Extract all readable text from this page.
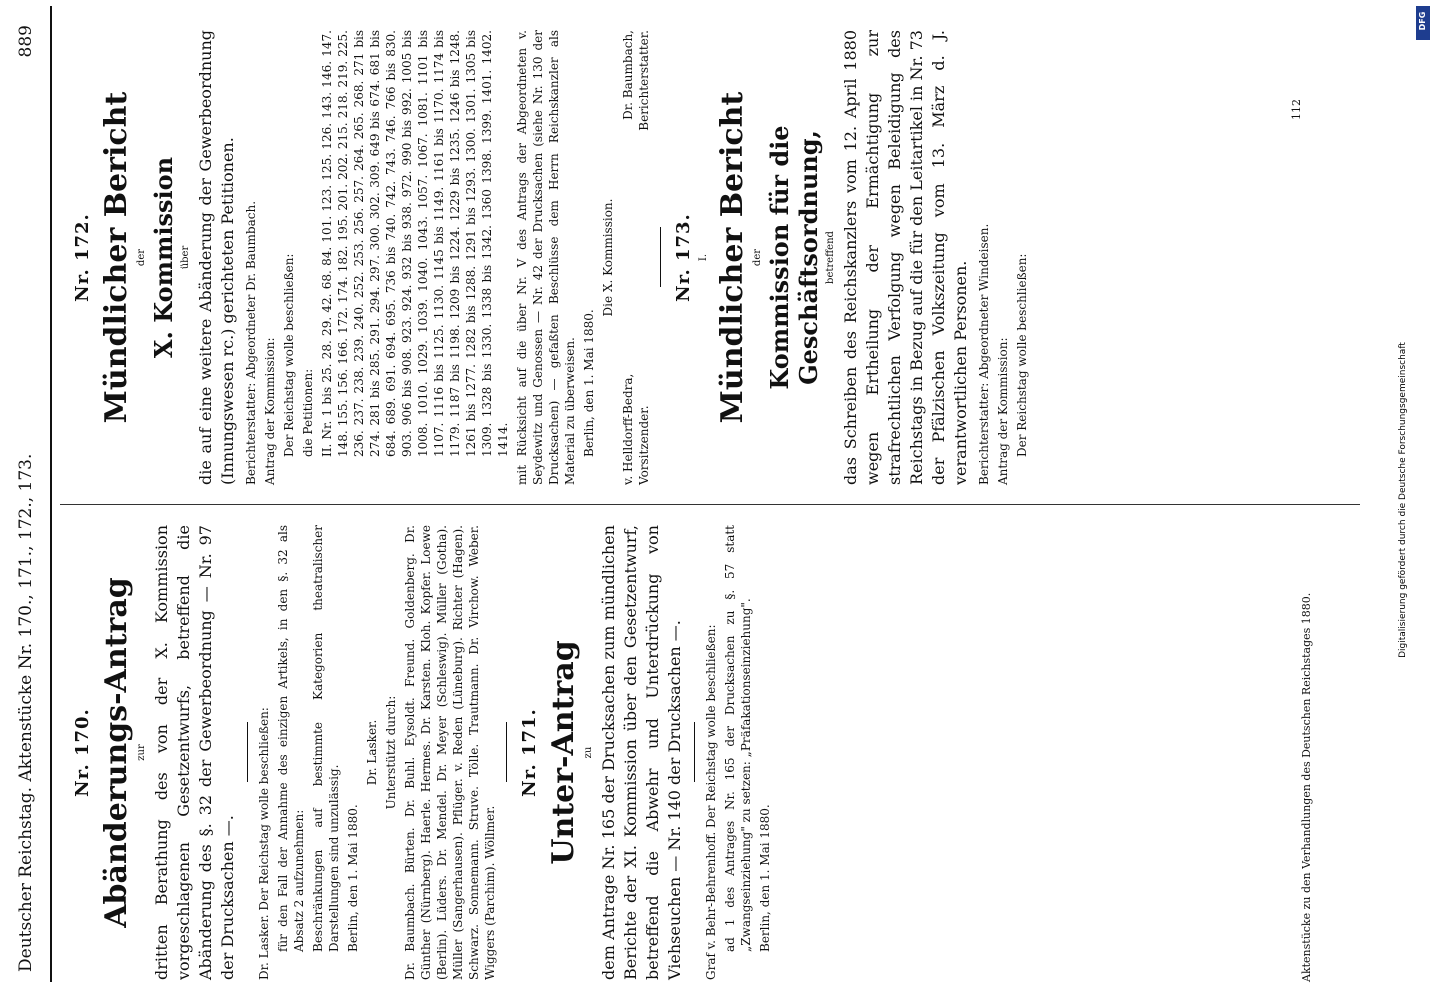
Deutscher Reichstag. Aktenstücke Nr. 170., 171., 172., 173.
889
Nr. 170. Abänderungs-Antrag zur dritten Berathung des von der X. Kommission vorgeschlagenen Gesetzentwurfs, betreffend die Abänderung des §. 32 der Gewerbeordnung — Nr. 97 der Drucksachen —. Dr. Lasker. Der Reichstag wolle beschließen: für den Fall der Annahme des einzigen Artikels, in den §. 32 als Absatz 2 aufzunehmen: Beschränkungen auf bestimmte Kategorien theatralischer Darstellungen sind unzulässig. Berlin, den 1. Mai 1880.

Dr. Lasker. Unterstützt durch: Dr. Baumbach. Bürten. Dr. Buhl. Eysoldt. Freund. Goldenberg. Dr. Günther (Nürnberg). Haerle. Hermes. Dr. Karsten. Kloh. Kopfer. Loewe (Berlin). Lüders. Dr. Mendel. Dr. Meyer (Schleswig). Müller (Gotha). Müller (Sangerhausen). Pflüger. v. Reden (Lüneburg). Richter (Hagen). Schwarz. Sonnemann. Struve. Tölle. Trautmann. Dr. Virchow. Weber. Wiggers (Parchim). Wöllmer.

Nr. 171. Unter-Antrag zu dem Antrage Nr. 165 der Drucksachen zum mündlichen Berichte der XI. Kommission über den Gesetzentwurf, betreffend die Abwehr und Unterdrückung von Viehseuchen — Nr. 140 der Drucksachen —. Graf v. Behr-Behrenhoff. Der Reichstag wolle beschließen: ad 1 des Antrages Nr. 165 der Drucksachen zu §. 57 statt „Zwangseinziehung" zu setzen: „Präfakationseinziehung". Berlin, den 1. Mai 1880.

Nr. 172. Mündlicher Bericht der X. Kommission über die auf eine weitere Abänderung der Gewerbeordnung (Innungswesen rc.) gerichteten Petitionen. Berichterstatter: Abgeordneter Dr. Baumbach. Antrag der Kommission: Der Reichstag wolle beschließen: die Petitionen: II. Nr. 1 bis 25. 28. 29. 42. 68. 84. 101. 123. 125. 126. 143. 146. 147. 148. 155. 156. 166. 172. 174. 182. 195. 201. 202. 215. 218. 219. 225. 236. 237. 238. 239. 240. 252. 253. 256. 257. 264. 265. 268. 271 bis 274. 281 bis 285. 291. 294. 297. 300. 302. 309. 649 bis 674. 681 bis 684. 689. 691. 694. 695. 736 bis 740. 742. 743. 746. 766 bis 830. 903. 906 bis 908. 923. 924. 932 bis 938. 972. 990 bis 992. 1005 bis 1008. 1010. 1029. 1039. 1040. 1043. 1057. 1067. 1081. 1101 bis 1107. 1116 bis 1125. 1130. 1145 bis 1149. 1161 bis 1170. 1174 bis 1179. 1187 bis 1198. 1209 bis 1224. 1229 bis 1235. 1246 bis 1248. 1261 bis 1277. 1282 bis 1288. 1291 bis 1293. 1300. 1301. 1305 bis 1309. 1328 bis 1330. 1338 bis 1342. 1360 1398. 1399. 1401. 1402. 1414. mit Rücksicht auf die über Nr. V des Antrags der Abgeordneten v. Seydewitz und Genossen — Nr. 42 der Drucksachen (siehe Nr. 130 der Drucksachen) — gefaßten Beschlüsse dem Herrn Reichskanzler als Material zu überweisen. Berlin, den 1. Mai 1880.

Die X. Kommission.

v. Helldorff-Bedra, Vorsitzender.
Dr. Baumbach, Berichterstatter.
Nr. 173. I. Mündlicher Bericht der Kommission für die Geschäftsordnung, betreffend das Schreiben des Reichskanzlers vom 12. April 1880 wegen Ertheilung der Ermächtigung zur strafrechtlichen Verfolgung wegen Beleidigung des Reichstags in Bezug auf die für den Leitartikel in Nr. 73 der Pfälzischen Volkszeitung vom 13. März d. J. verantwortlichen Personen. Berichterstatter: Abgeordneter Windeisen. Antrag der Kommission: Der Reichstag wolle beschließen:

Aktenstücke zu den Verhandlungen des Deutschen Reichstages 1880.
112
Digitalisierung gefördert durch die Deutsche Forschungsgemeinschaft
DFG
